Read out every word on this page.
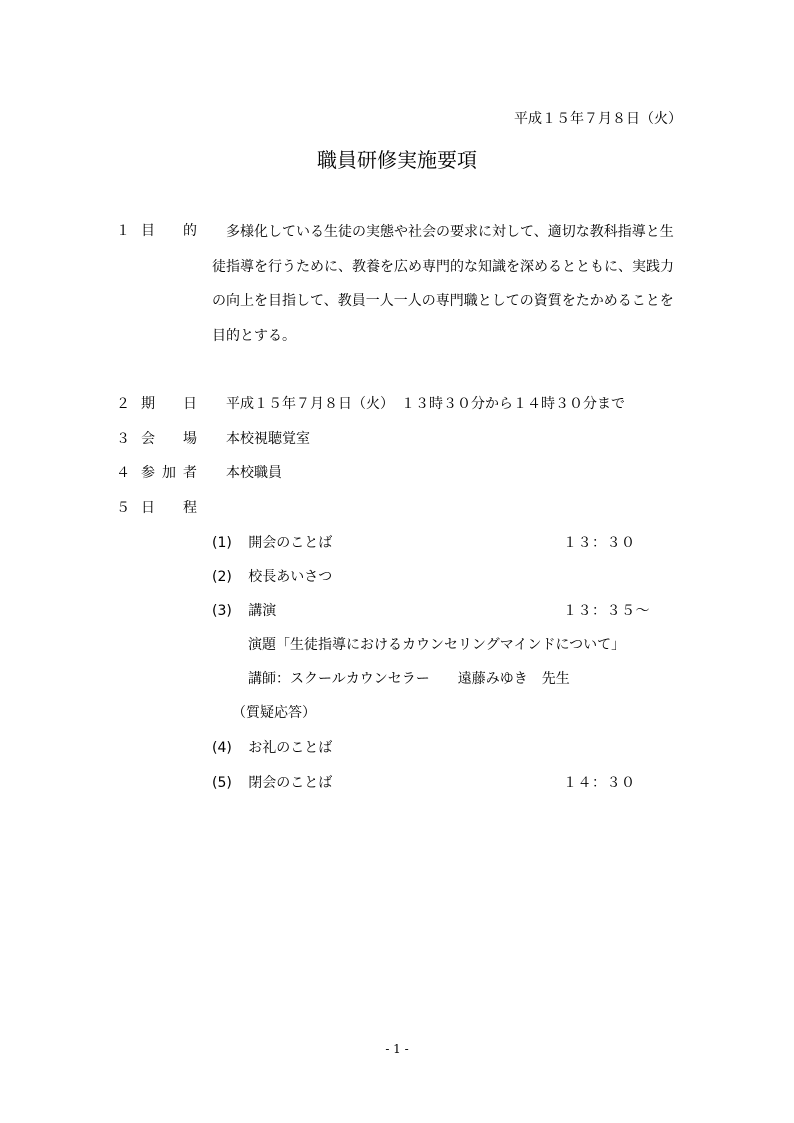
平成１５年７月８日（火）
職員研修実施要項
１ 目 的	多様化している生徒の実態や社会の要求に対して、適切な教科指導と生徒指導を行うために、教養を広め専門的な知識を深めるとともに、実践力の向上を目指して、教員一人一人の専門職としての資質をたかめることを目的とする。
２ 期 日 平成１５年７月８日（火）　１３時３０分から１４時３０分まで
３ 会 場 本校視聴覚室
４ 参 加 者 本校職員
５ 日 程
(1) 開会のことば	１３：３０
(2) 校長あいさつ
(3) 講演	１３：３５～
演題「生徒指導におけるカウンセリングマインドについて」
講師：スクールカウンセラー　　遠藤みゆき　先生
（質疑応答）
(4) お礼のことば
(5) 閉会のことば	１４：３０
- 1 -
